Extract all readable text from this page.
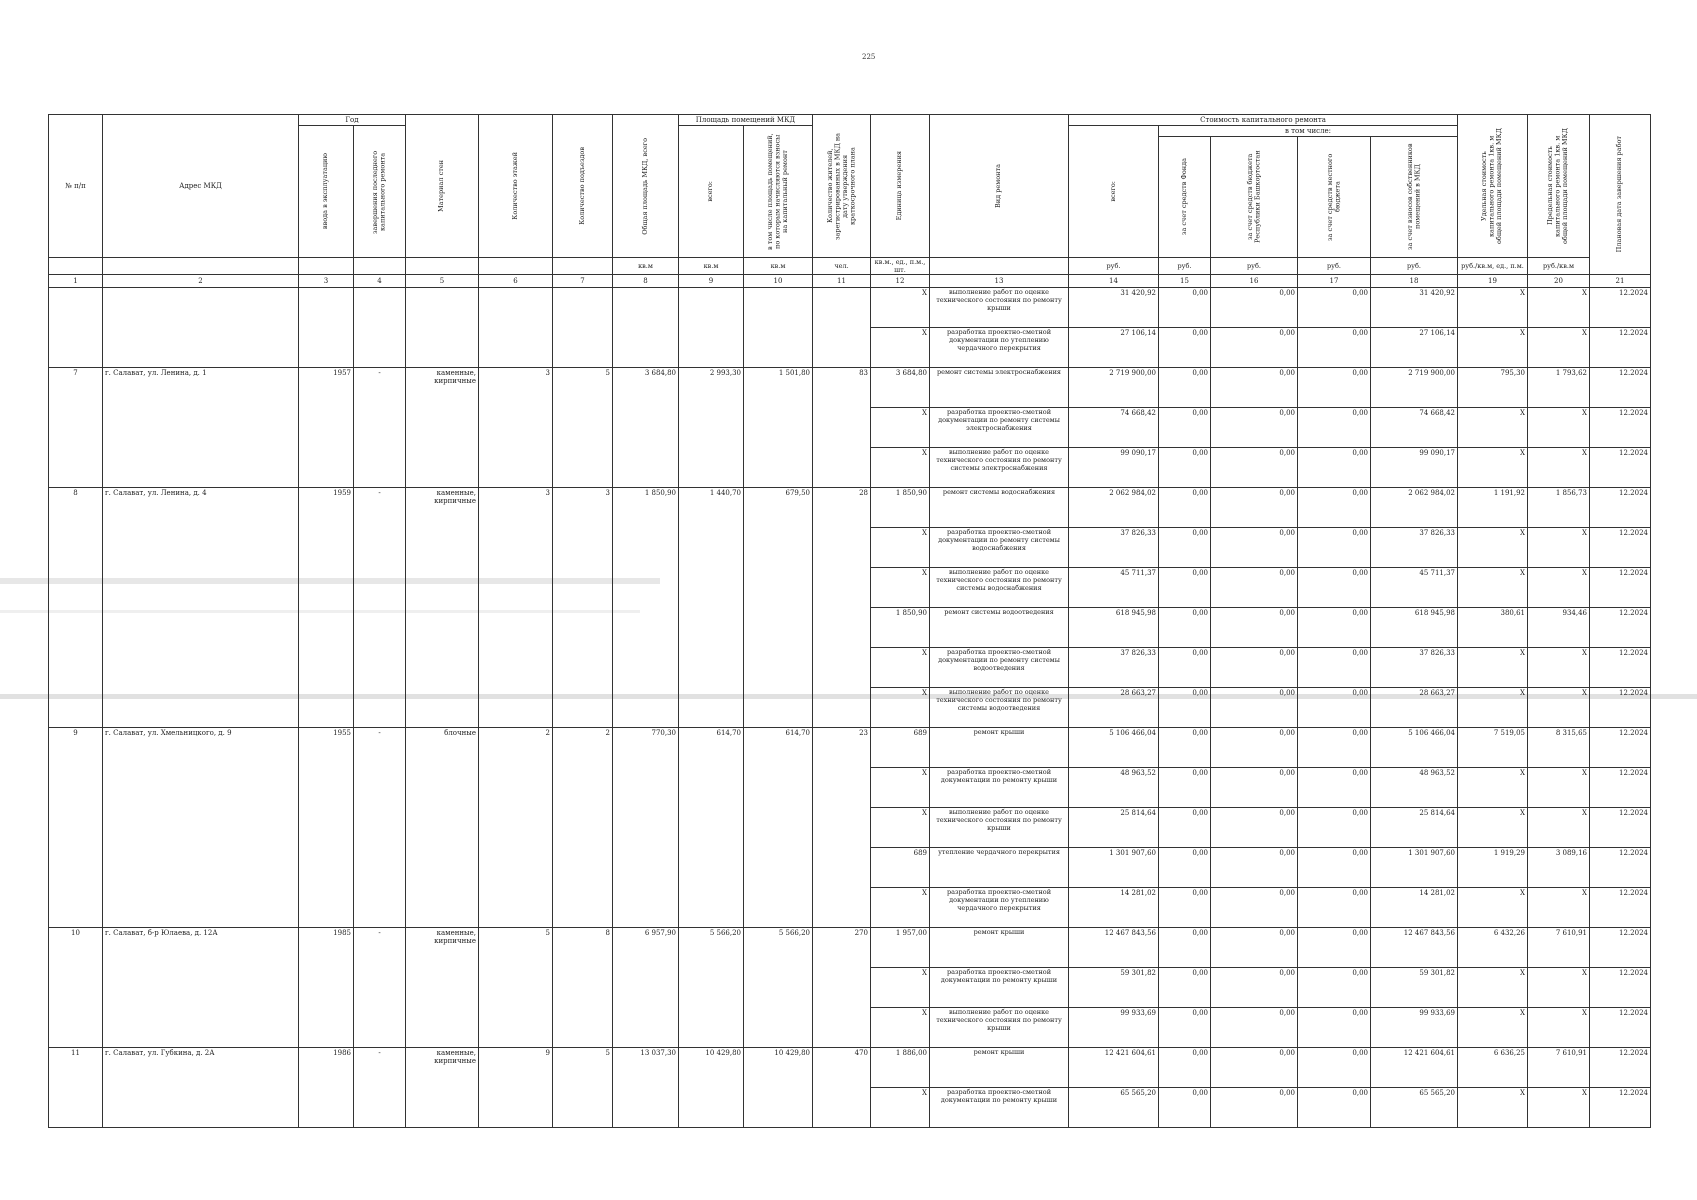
225
№ п/п	Адрес МКД	Год		Материал стен	Количество этажей	Количество подъездов	Общая площадь МКД, всего	Площадь помещений МКД		Количество жителей, зарегистрированных в МКД на дату утверждения краткосрочного плана	Единица измерения	Вид ремонта	Стоимость капитального ремонта					Удельная стоимость капитального ремонта 1кв. м общей площади помещений МКД	Предельная стоимость капитального ремонта 1кв. м общей площади помещений МКД	Плановая дата завершения работ

		ввода в эксплуатацию	завершения последнего капитального ремонта					всего:	в том числе площадь помещений, по которым начисляются взносы на капитальный ремонт				всего:	в том числе:						

														за счет средств Фонда	за счет средств бюджета Республики Башкортостан	за счет средств местного бюджета	за счет взносов собственников помещений в МКД			

							кв.м	кв.м	кв.м	чел.	кв.м., ед., п.м., шт.		руб.	руб.	руб.	руб.	руб.	руб./кв.м, ед., п.м.	руб./кв.м	
1	2	3	4	5	6	7	8	9	10	11	12	13	14	15	16	17	18	19	20	21
											X	выполнение работ по оценке технического состояния по ремонту крыши	31 420,92	0,00	0,00	0,00	31 420,92	X	X	12.2024
											X	разработка проектно-сметной документации по утеплению чердачного перекрытия	27 106,14	0,00	0,00	0,00	27 106,14	X	X	12.2024
7	г. Салават, ул. Ленина, д. 1	1957	-	каменные, кирпичные	3	5	3 684,80	2 993,30	1 501,80	83	3 684,80	ремонт системы электроснабжения	2 719 900,00	0,00	0,00	0,00	2 719 900,00	795,30	1 793,62	12.2024
											X	разработка проектно-сметной документации по ремонту системы электроснабжения	74 668,42	0,00	0,00	0,00	74 668,42	X	X	12.2024
											X	выполнение работ по оценке технического состояния по ремонту системы электроснабжения	99 090,17	0,00	0,00	0,00	99 090,17	X	X	12.2024
8	г. Салават, ул. Ленина, д. 4	1959	-	каменные, кирпичные	3	3	1 850,90	1 440,70	679,50	28	1 850,90	ремонт системы водоснабжения	2 062 984,02	0,00	0,00	0,00	2 062 984,02	1 191,92	1 856,73	12.2024
											X	разработка проектно-сметной документации по ремонту системы водоснабжения	37 826,33	0,00	0,00	0,00	37 826,33	X	X	12.2024
											X	выполнение работ по оценке технического состояния по ремонту системы водоснабжения	45 711,37	0,00	0,00	0,00	45 711,37	X	X	12.2024
											1 850,90	ремонт системы водоотведения	618 945,98	0,00	0,00	0,00	618 945,98	380,61	934,46	12.2024
											X	разработка проектно-сметной документации по ремонту системы водоотведения	37 826,33	0,00	0,00	0,00	37 826,33	X	X	12.2024
											X	выполнение работ по оценке технического состояния по ремонту системы водоотведения	28 663,27	0,00	0,00	0,00	28 663,27	X	X	12.2024
9	г. Салават, ул. Хмельницкого, д. 9	1955	-	блочные	2	2	770,30	614,70	614,70	23	689	ремонт крыши	5 106 466,04	0,00	0,00	0,00	5 106 466,04	7 519,05	8 315,65	12.2024
											X	разработка проектно-сметной документации по ремонту крыши	48 963,52	0,00	0,00	0,00	48 963,52	X	X	12.2024
											X	выполнение работ по оценке технического состояния по ремонту крыши	25 814,64	0,00	0,00	0,00	25 814,64	X	X	12.2024
											689	утепление чердачного перекрытия	1 301 907,60	0,00	0,00	0,00	1 301 907,60	1 919,29	3 089,16	12.2024
											X	разработка проектно-сметной документации по утеплению чердачного перекрытия	14 281,02	0,00	0,00	0,00	14 281,02	X	X	12.2024
10	г. Салават, б-р Юлаева, д. 12А	1985	-	каменные, кирпичные	5	8	6 957,90	5 566,20	5 566,20	270	1 957,00	ремонт крыши	12 467 843,56	0,00	0,00	0,00	12 467 843,56	6 432,26	7 610,91	12.2024
											X	разработка проектно-сметной документации по ремонту крыши	59 301,82	0,00	0,00	0,00	59 301,82	X	X	12.2024
											X	выполнение работ по оценке технического состояния по ремонту крыши	99 933,69	0,00	0,00	0,00	99 933,69	X	X	12.2024
11	г. Салават, ул. Губкина, д. 2А	1986	-	каменные, кирпичные	9	5	13 037,30	10 429,80	10 429,80	470	1 886,00	ремонт крыши	12 421 604,61	0,00	0,00	0,00	12 421 604,61	6 636,25	7 610,91	12.2024
											X	разработка проектно-сметной документации по ремонту крыши	65 565,20	0,00	0,00	0,00	65 565,20	X	X	12.2024
